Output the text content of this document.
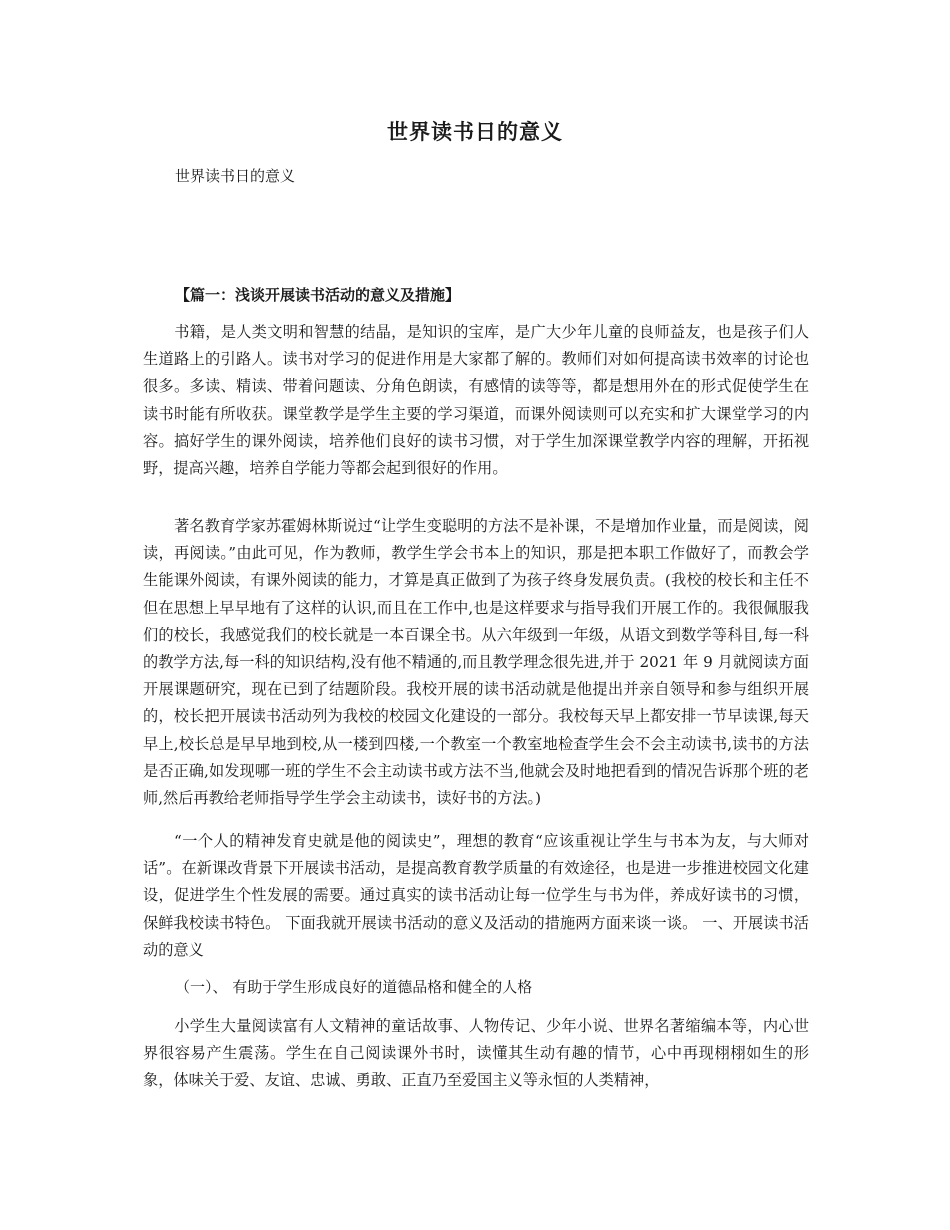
世界读书日的意义
世界读书日的意义
【篇一：浅谈开展读书活动的意义及措施】

书籍，是人类文明和智慧的结晶，是知识的宝库，是广大少年儿童的良师益友，也是孩子们人生道路上的引路人。读书对学习的促进作用是大家都了解的。教师们对如何提高读书效率的讨论也很多。多读、精读、带着问题读、分角色朗读，有感情的读等等，都是想用外在的形式促使学生在读书时能有所收获。课堂教学是学生主要的学习渠道，而课外阅读则可以充实和扩大课堂学习的内容。搞好学生的课外阅读，培养他们良好的读书习惯，对于学生加深课堂教学内容的理解，开拓视野，提高兴趣，培养自学能力等都会起到很好的作用。

著名教育学家苏霍姆林斯说过“让学生变聪明的方法不是补课，不是增加作业量，而是阅读，阅读，再阅读。”由此可见，作为教师，教学生学会书本上的知识，那是把本职工作做好了，而教会学生能课外阅读，有课外阅读的能力，才算是真正做到了为孩子终身发展负责。(我校的校长和主任不但在思想上早早地有了这样的认识,而且在工作中,也是这样要求与指导我们开展工作的。我很佩服我们的校长，我感觉我们的校长就是一本百课全书。从六年级到一年级，从语文到数学等科目,每一科的教学方法,每一科的知识结构,没有他不精通的,而且教学理念很先进,并于 2021 年 9 月就阅读方面开展课题研究，现在已到了结题阶段。我校开展的读书活动就是他提出并亲自领导和参与组织开展的，校长把开展读书活动列为我校的校园文化建设的一部分。我校每天早上都安排一节早读课,每天早上,校长总是早早地到校,从一楼到四楼,一个教室一个教室地检查学生会不会主动读书,读书的方法是否正确,如发现哪一班的学生不会主动读书或方法不当,他就会及时地把看到的情况告诉那个班的老师,然后再教给老师指导学生学会主动读书，读好书的方法。)

“一个人的精神发育史就是他的阅读史”，理想的教育“应该重视让学生与书本为友，与大师对话”。在新课改背景下开展读书活动，是提高教育教学质量的有效途径，也是进一步推进校园文化建设，促进学生个性发展的需要。通过真实的读书活动让每一位学生与书为伴，养成好读书的习惯，保鲜我校读书特色。 下面我就开展读书活动的意义及活动的措施两方面来谈一谈。 一、开展读书活动的意义

（一）、 有助于学生形成良好的道德品格和健全的人格

小学生大量阅读富有人文精神的童话故事、人物传记、少年小说、世界名著缩编本等，内心世界很容易产生震荡。学生在自己阅读课外书时，读懂其生动有趣的情节，心中再现栩栩如生的形象，体味关于爱、友谊、忠诚、勇敢、正直乃至爱国主义等永恒的人类精神，
